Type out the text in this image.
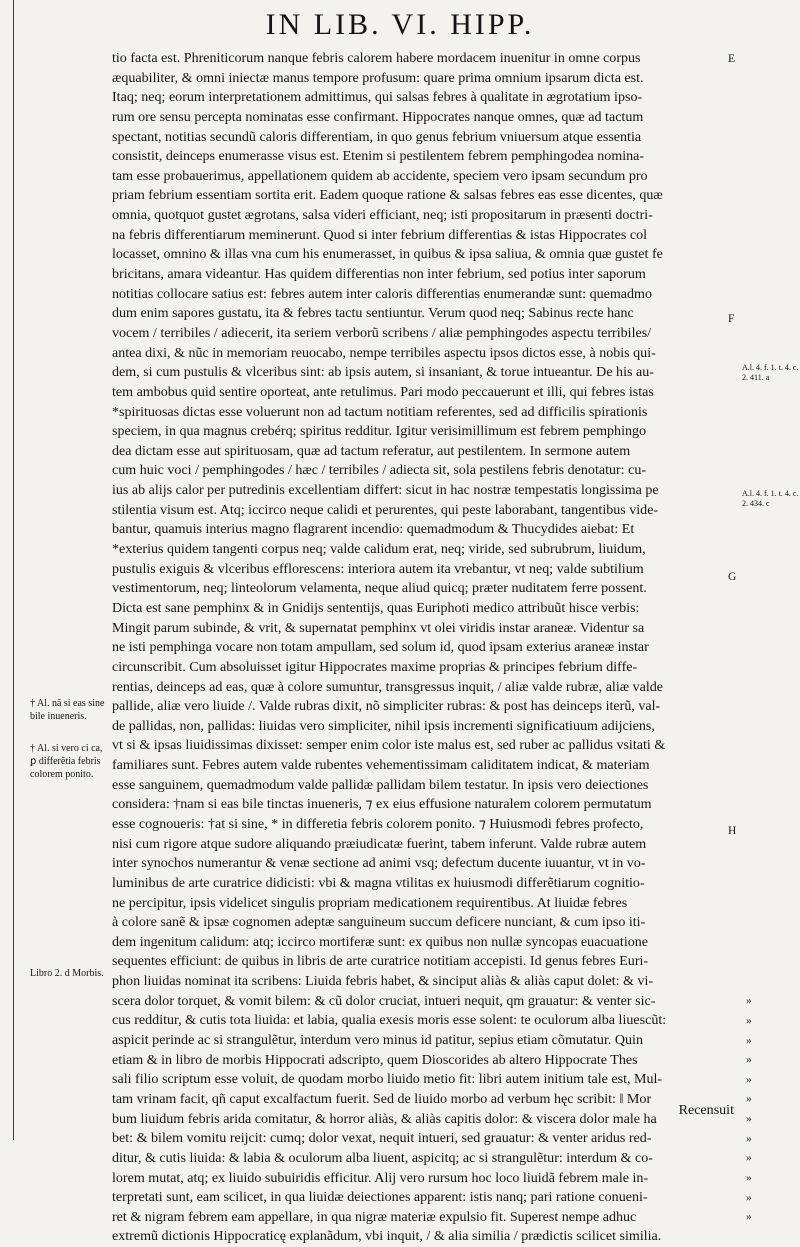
IN LIB. VI. HIPP.
tio facta est. Phreniticorum nanque febris calorem habere mordacem inuenitur in omne corpus
æquabiliter, & omni iniectæ manus tempore profusum: quare prima omnium ipsarum dicta est.
Itaq; neq; eorum interpretationem admittimus, qui salsas febres à qualitate in ægrotatium ipso-
rum ore sensu percepta nominatas esse confirmant. Hippocrates nanque omnes, quæ ad tactum
spectant, notitias secundũ caloris differentiam, in quo genus febrium vniuersum atque essentia
consistit, deinceps enumerasse visus est. Etenim si pestilentem febrem pemphingodea nomina-
tam esse probauerimus, appellationem quidem ab accidente, speciem vero ipsam secundum pro
priam febrium essentiam sortita erit. Eadem quoque ratione & salsas febres eas esse dicentes, quæ
omnia, quotquot gustet ægrotans, salsa videri efficiant, neq; isti propositarum in præsenti doctri-
na febris differentiarum meminerunt. Quod si inter febrium differentias & istas Hippocrates col
locasset, omnino & illas vna cum his enumerasset, in quibus & ipsa saliua, & omnia quæ gustet fe
bricitans, amara videantur. Has quidem differentias non inter febrium, sed potius inter saporum
notitias collocare satius est: febres autem inter caloris differentias enumerandæ sunt: quemadmo
dum enim sapores gustatu, ita & febres tactu sentiuntur. Verum quod neq; Sabinus recte hanc
vocem / terribiles / adiecerit, ita seriem verborũ scribens / aliæ pemphingodes aspectu terribiles/
antea dixi, & nũc in memoriam reuocabo, nempe terribiles aspectu ipsos dictos esse, à nobis qui-
dem, si cum pustulis & vlceribus sint: ab ipsis autem, si insaniant, & torue intueantur. De his au-
tem ambobus quid sentire oporteat, ante retulimus. Pari modo peccauerunt et illi, qui febres istas
*spirituosas dictas esse voluerunt non ad tactum notitiam referentes, sed ad difficilis spirationis
speciem, in qua magnus crebérq; spiritus redditur. Igitur verisimillimum est febrem pemphingo
dea dictam esse aut spirituosam, quæ ad tactum referatur, aut pestilentem. In sermone autem
cum huic voci / pemphingodes / hæc / terribiles / adiecta sit, sola pestilens febris denotatur: cu-
ius ab alijs calor per putredinis excellentiam differt: sicut in hac nostræ tempestatis longissima pe
stilentia visum est. Atq; iccirco neque calidi et perurentes, qui peste laborabant, tangentibus vide-
bantur, quamuis interius magno flagrarent incendio: quemadmodum & Thucydides aiebat: Et
*exterius quidem tangenti corpus neq; valde calidum erat, neq; viride, sed subrubrum, liuidum,
pustulis exiguis & vlceribus efflorescens: interiora autem ita vrebantur, vt neq; valde subtilium
vestimentorum, neq; linteolorum velamenta, neque aliud quicq; præter nuditatem ferre possent.
Dicta est sane pemphinx & in Gnidijs sententijs, quas Euriphoti medico attribuũt hisce verbis:
Mingit parum subinde, & vrit, & supernatat pemphinx vt olei viridis instar araneæ. Videntur sa
ne isti pemphinga vocare non totam ampullam, sed solum id, quod ipsam exterius araneæ instar
circunscribit. Cum absoluisset igitur Hippocrates maxime proprias & principes febrium diffe-
rentias, deinceps ad eas, quæ à colore sumuntur, transgressus inquit, / aliæ valde rubræ, aliæ valde
pallide, aliæ vero liuide /. Valde rubras dixit, nõ simpliciter rubras: & post has deinceps iterũ, val-
de pallidas, non, pallidas: liuidas vero simpliciter, nihil ipsis incrementi significatiuum adijciens,
vt si & ipsas liuidissimas dixisset: semper enim color iste malus est, sed ruber ac pallidus vsitati &
familiares sunt. Febres autem valde rubentes vehementissimam caliditatem indicat, & materiam
esse sanguinem, quemadmodum valde pallidæ pallidam bilem testatur. In ipsis vero deiectiones
considera: †nam si eas bile tinctas inueneris, ⁊ ex eius effusione naturalem colorem permutatum
esse cognoueris: †at si sine, * in differetia febris colorem ponito. ⁊ Huiusmodi febres profecto,
nisi cum rigore atque sudore aliquando præiudicatæ fuerint, tabem inferunt. Valde rubræ autem
inter synochos numerantur & venæ sectione ad animi vsq; defectum ducente iuuantur, vt in vo-
luminibus de arte curatrice didicisti: vbi & magna vtilitas ex huiusmodi differẽtiarum cognitio-
ne percipitur, ipsis videlicet singulis propriam medicationem requirentibus. At liuidæ febres
à colore sanẽ & ipsæ cognomen adeptæ sanguineum succum deficere nunciant, & cum ipso iti-
dem ingenitum calidum: atq; iccirco mortiferæ sunt: ex quibus non nullæ syncopas euacuatione
sequentes efficiunt: de quibus in libris de arte curatrice notitiam accepisti. Id genus febres Euri-
phon liuidas nominat ita scribens: Liuida febris habet, & sinciput aliàs & aliàs caput dolet: & vi-
scera dolor torquet, & vomit bilem: & cũ dolor cruciat, intueri nequit, qm grauatur: & venter sic-
cus redditur, & cutis tota liuida: et labia, qualia exesis moris esse solent: te oculorum alba liuescũt:
aspicit perinde ac si strangulẽtur, interdum vero minus id patitur, sepius etiam cõmutatur. Quin
etiam & in libro de morbis Hippocrati adscripto, quem Dioscorides ab altero Hippocrate Thes
sali filio scriptum esse voluit, de quodam morbo liuido metio fit: libri autem initium tale est, Mul-
tam vrinam facit, qñ caput excalfactum fuerit. Sed de liuido morbo ad verbum hęc scribit: ‖ Mor
bum liuidum febris arida comitatur, & horror aliàs, & aliàs capitis dolor: & viscera dolor male ha
bet: & bilem vomitu reijcit: cumq; dolor vexat, nequit intueri, sed grauatur: & venter aridus red-
ditur, & cutis liuida: & labia & oculorum alba liuent, aspicitq; ac si strangulẽtur: interdum & co-
lorem mutat, atq; ex liuido subuiridis efficitur. Alij vero rursum hoc loco liuidã febrem male in-
terpretati sunt, eam scilicet, in qua liuidæ deiectiones apparent: istis nanq; pari ratione conueni-
ret & nigram febrem eam appellare, in qua nigræ materiæ expulsio fit. Superest nempe adhuc
extremũ dictionis Hippocraticę explanãdum, vbi inquit, / & alia similia / prædictis scilicet similia.
† Al. nã si eas sine bile inueneris.
† Al. si vero ci ca, ꝑ differẽtia febris colorem ponito.
Libro 2. d Morbis.
E
F
A.l. 4. f. 1. t. 4. c. 2. 411. a
A.l. 4. f. 1. t. 4. c. 2. 434. c
G
H
»
»
»
»
»
»
»
»
»
»
»
»
Recensuit
